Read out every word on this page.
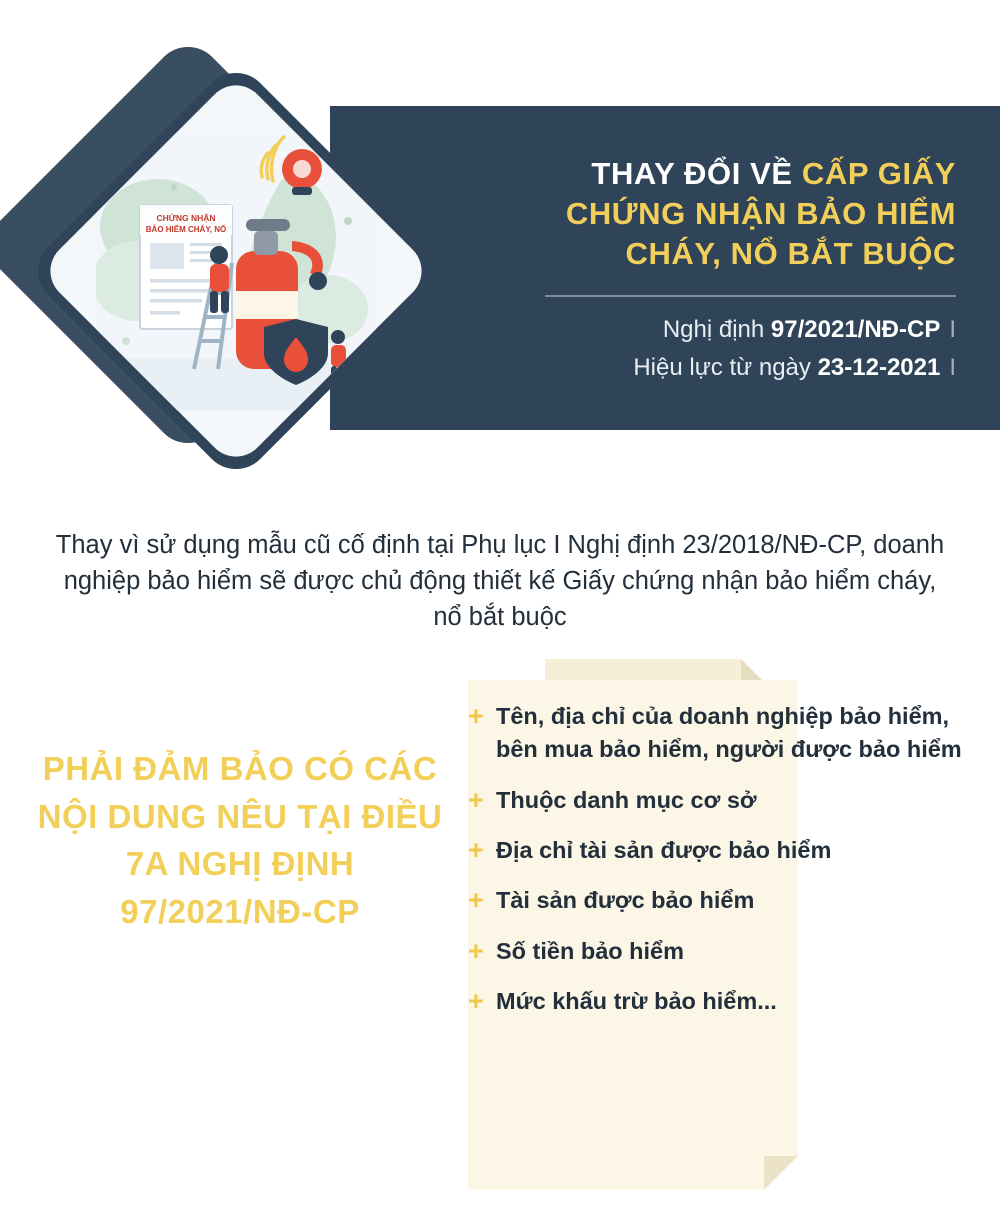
THAY ĐỔI VỀ CẤP GIẤY
CHỨNG NHẬN BẢO HIỂM
CHÁY, NỔ BẮT BUỘC
Nghị định 97/2021/NĐ-CP I
Hiệu lực từ ngày 23-12-2021 I
CHỨNG NHẬN
BẢO HIỂM CHÁY, NỔ
Thay vì sử dụng mẫu cũ cố định tại Phụ lục I Nghị định 23/2018/NĐ-CP, doanh nghiệp bảo hiểm sẽ được chủ động thiết kế Giấy chứng nhận bảo hiểm cháy, nổ bắt buộc
PHẢI ĐẢM BẢO CÓ CÁC NỘI DUNG NÊU TẠI ĐIỀU 7A NGHỊ ĐỊNH 97/2021/NĐ-CP
+ Tên, địa chỉ của doanh nghiệp bảo hiểm, bên mua bảo hiểm, người được bảo hiểm
+ Thuộc danh mục cơ sở
+ Địa chỉ tài sản được bảo hiểm
+ Tài sản được bảo hiểm
+ Số tiền bảo hiểm
+ Mức khấu trừ bảo hiểm...
